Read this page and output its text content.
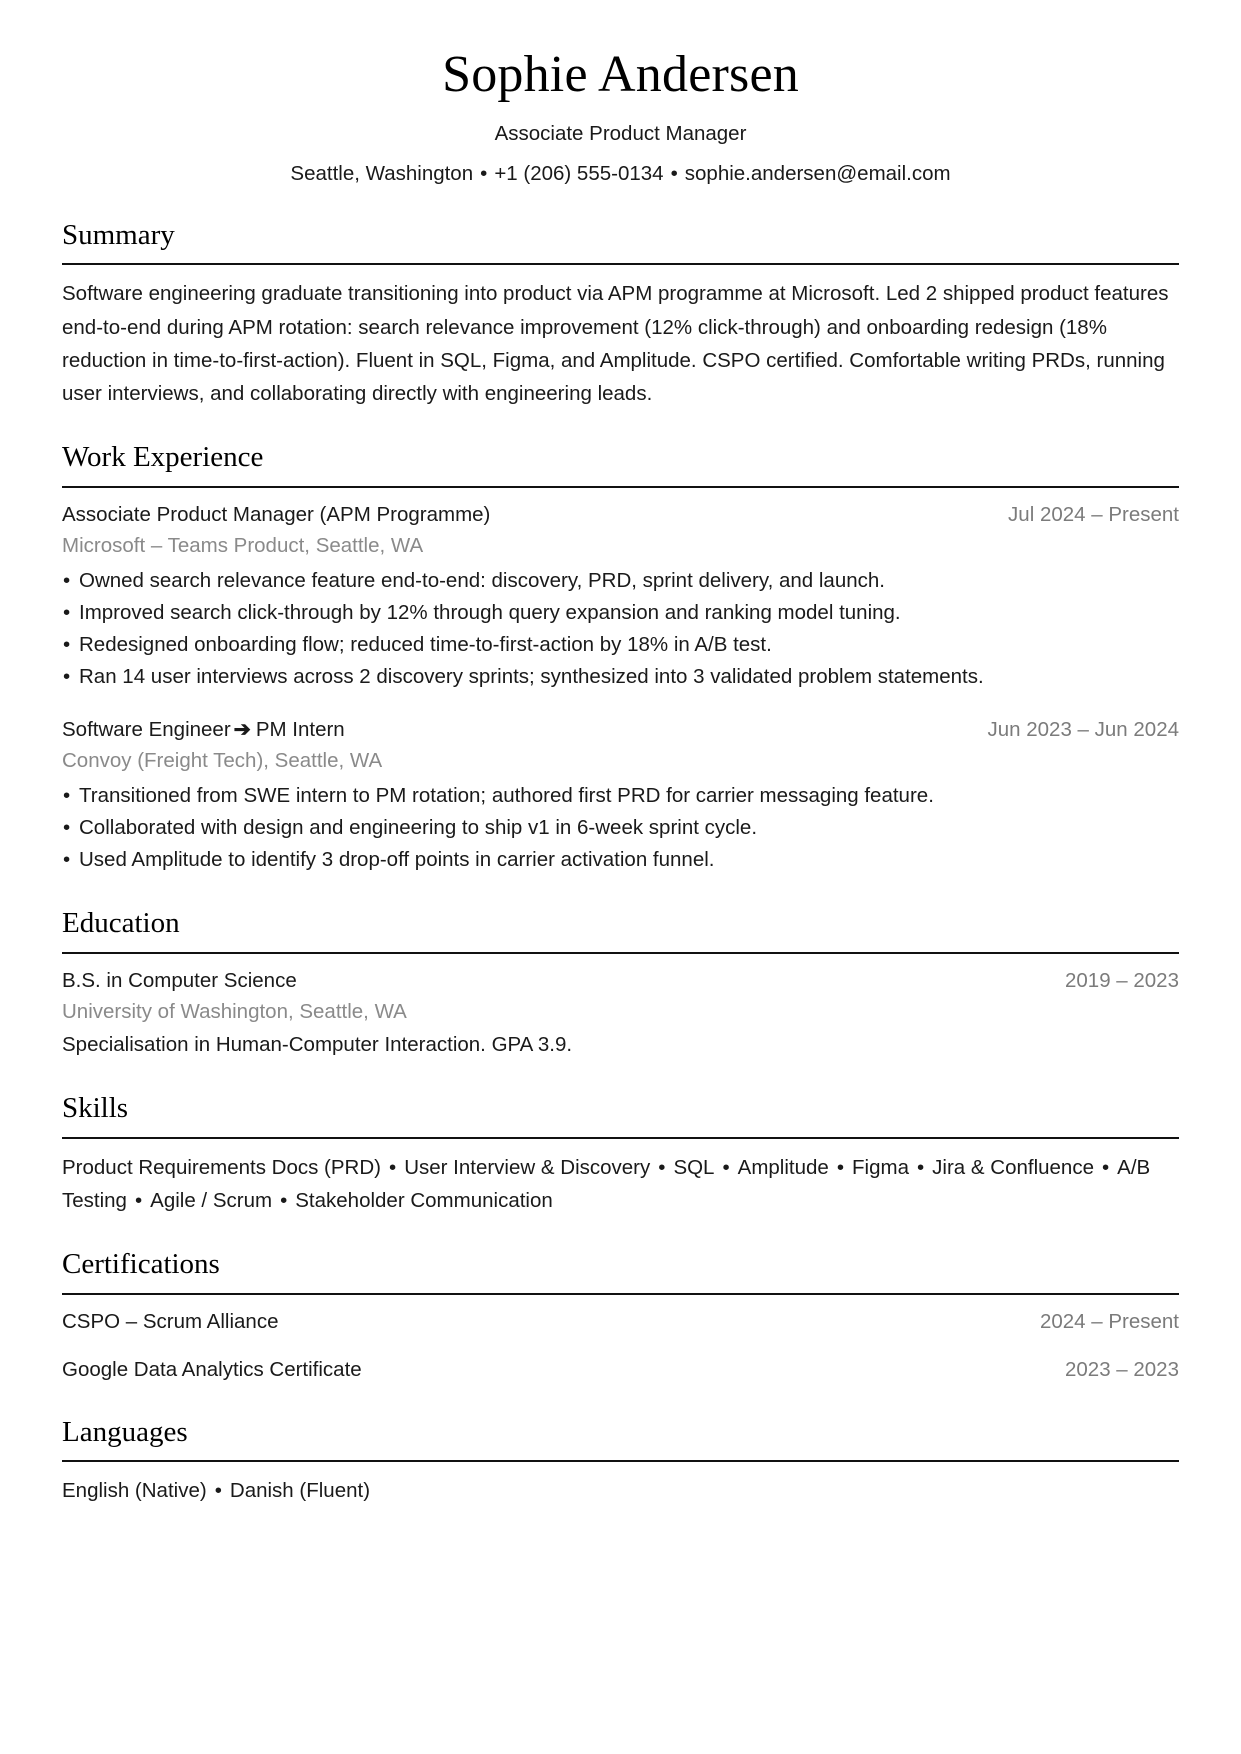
Sophie Andersen
Associate Product Manager
Seattle, Washington • +1 (206) 555-0134 • sophie.andersen@email.com
Summary

Software engineering graduate transitioning into product via APM programme at Microsoft. Led 2 shipped product features end-to-end during APM rotation: search relevance improvement (12% click-through) and onboarding redesign (18% reduction in time-to-first-action). Fluent in SQL, Figma, and Amplitude. CSPO certified. Comfortable writing PRDs, running user interviews, and collaborating directly with engineering leads.

Work Experience
Associate Product Manager (APM Programme)	Jul 2024 – Present
Microsoft – Teams Product, Seattle, WA
• Owned search relevance feature end-to-end: discovery, PRD, sprint delivery, and launch.
• Improved search click-through by 12% through query expansion and ranking model tuning.
• Redesigned onboarding flow; reduced time-to-first-action by 18% in A/B test.
• Ran 14 user interviews across 2 discovery sprints; synthesized into 3 validated problem statements.
Software Engineer ➔ PM Intern	Jun 2023 – Jun 2024
Convoy (Freight Tech), Seattle, WA
• Transitioned from SWE intern to PM rotation; authored first PRD for carrier messaging feature.
• Collaborated with design and engineering to ship v1 in 6-week sprint cycle.
• Used Amplitude to identify 3 drop-off points in carrier activation funnel.
Education
B.S. in Computer Science	2019 – 2023
University of Washington, Seattle, WA
Specialisation in Human-Computer Interaction. GPA 3.9.
Skills
Product Requirements Docs (PRD) • User Interview & Discovery • SQL • Amplitude • Figma • Jira & Confluence • A/B Testing • Agile / Scrum • Stakeholder Communication
Certifications
CSPO – Scrum Alliance	2024 – Present
Google Data Analytics Certificate	2023 – 2023
Languages
English (Native) • Danish (Fluent)
